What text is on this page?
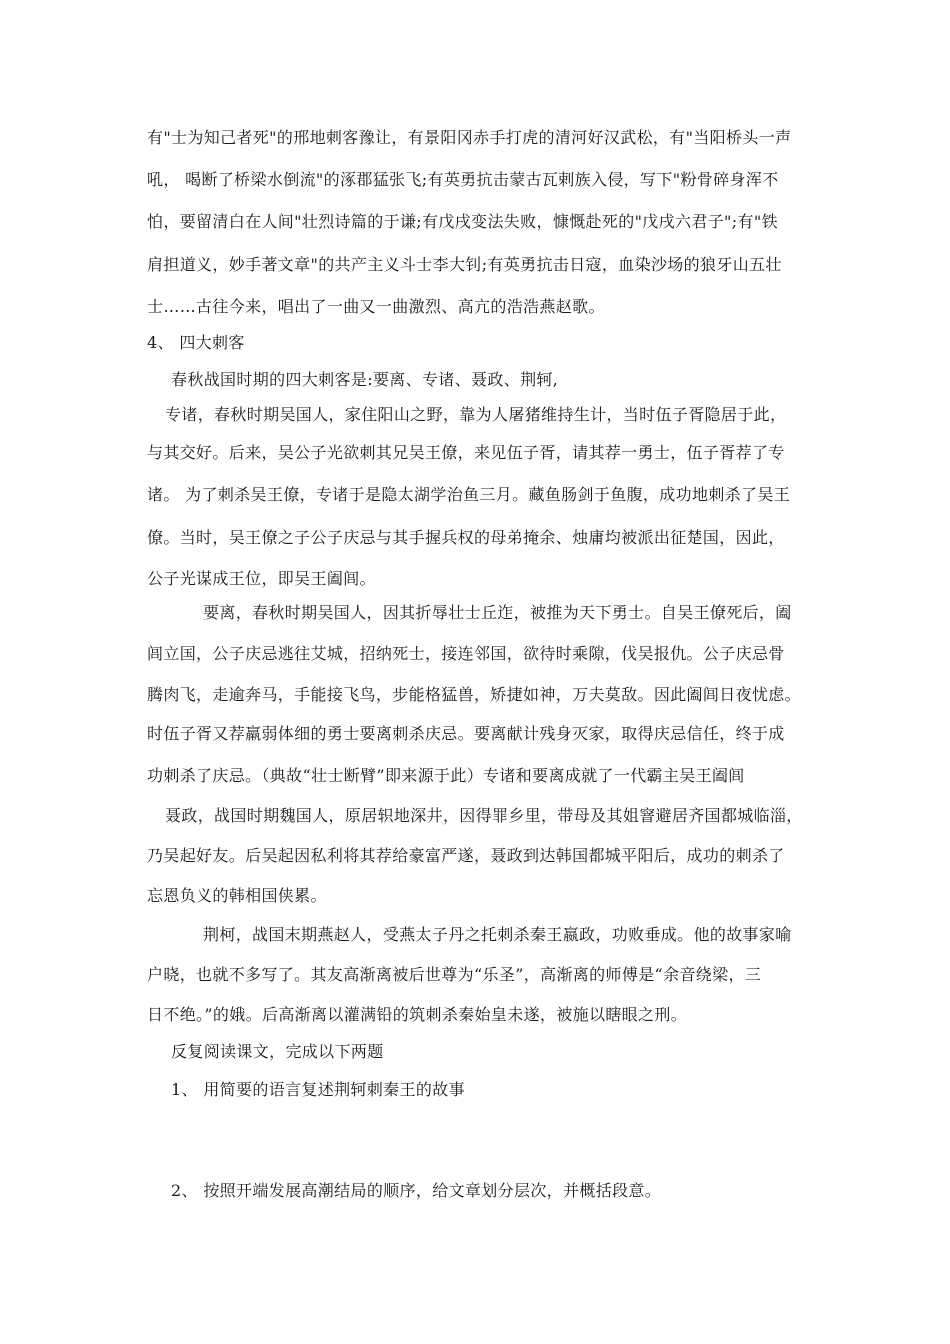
有"士为知己者死"的邢地刺客豫让，有景阳冈赤手打虎的清河好汉武松，有"当阳桥头一声
吼， 喝断了桥梁水倒流"的涿郡猛张飞;有英勇抗击蒙古瓦剌族入侵，写下"粉骨碎身浑不
怕，要留清白在人间"壮烈诗篇的于谦;有戊戌变法失败，慷慨赴死的"戊戌六君子";有"铁
肩担道义，妙手著文章"的共产主义斗士李大钊;有英勇抗击日寇，血染沙场的狼牙山五壮
士……古往今来，唱出了一曲又一曲激烈、高亢的浩浩燕赵歌。
4、 四大刺客
春秋战国时期的四大刺客是:要离、专诸、聂政、荆轲,
专诸，春秋时期吴国人，家住阳山之野，靠为人屠猪维持生计，当时伍子胥隐居于此，
与其交好。后来，吴公子光欲刺其兄吴王僚，来见伍子胥，请其荐一勇士，伍子胥荐了专
诸。 为了刺杀吴王僚，专诸于是隐太湖学治鱼三月。藏鱼肠剑于鱼腹，成功地刺杀了吴王
僚。当时，吴王僚之子公子庆忌与其手握兵权的母弟掩余、烛庸均被派出征楚国，因此，
公子光谋成王位，即吴王阖闾。
要离，春秋时期吴国人，因其折辱壮士丘迮，被推为天下勇士。自吴王僚死后，阖
闾立国，公子庆忌逃往艾城，招纳死士，接连邻国，欲待时乘隙，伐吴报仇。公子庆忌骨
腾肉飞，走逾奔马，手能接飞鸟，步能格猛兽，矫捷如神，万夫莫敌。因此阖闾日夜忧虑。
时伍子胥又荐羸弱体细的勇士要离刺杀庆忌。要离献计残身灭家，取得庆忌信任，终于成
功刺杀了庆忌。（典故“壮士断臂”即来源于此）专诸和要离成就了一代霸主吴王阖闾
聂政，战国时期魏国人，原居轵地深井，因得罪乡里，带母及其姐窨避居齐国都城临淄，
乃吴起好友。后吴起因私利将其荐给豪富严遂，聂政到达韩国都城平阳后，成功的刺杀了
忘恩负义的韩相国侠累。
荆柯，战国末期燕赵人，受燕太子丹之托刺杀秦王嬴政，功败垂成。他的故事家喻
户晓，也就不多写了。其友高渐离被后世尊为“乐圣”，高渐离的师傅是“余音绕梁，三
日不绝。”的娥。后高渐离以灌满铅的筑刺杀秦始皇未遂，被施以瞎眼之刑。
反复阅读课文，完成以下两题
1、 用简要的语言复述荆轲刺秦王的故事
2、 按照开端发展高潮结局的顺序，给文章划分层次，并概括段意。
